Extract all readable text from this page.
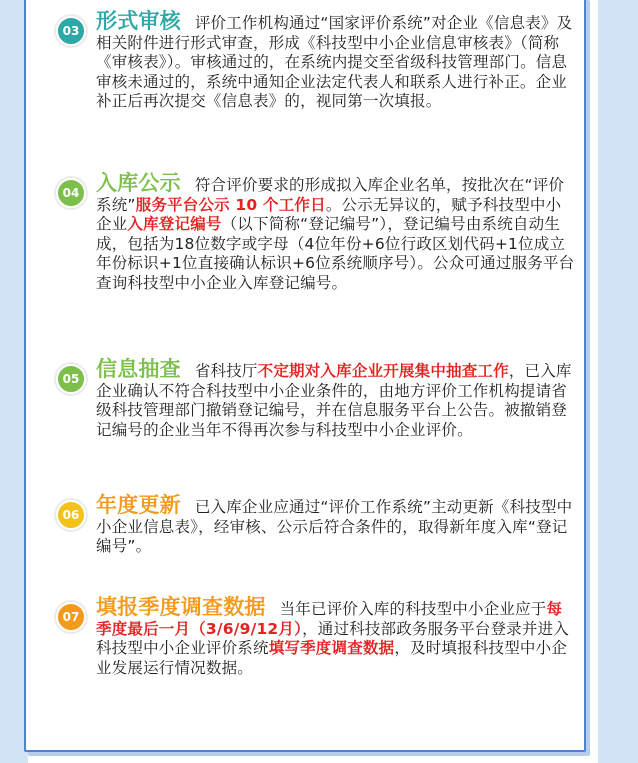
03 形式审核 评价工作机构通过“国家评价系统”对企业《信息表》及相关附件进行形式审查，形成《科技型中小企业信息审核表》（简称《审核表》）。审核通过的，在系统内提交至省级科技管理部门。信息审核未通过的，系统中通知企业法定代表人和联系人进行补正。企业补正后再次提交《信息表》的，视同第一次填报。
04 入库公示 符合评价要求的形成拟入库企业名单，按批次在“评价系统”服务平台公示 10 个工作日。公示无异议的，赋予科技型中小企业入库登记编号（以下简称“登记编号”），登记编号由系统自动生成，包括为18位数字或字母（4位年份+6位行政区划代码+1位成立年份标识+1位直接确认标识+6位系统顺序号）。公众可通过服务平台查询科技型中小企业入库登记编号。
05 信息抽查 省科技厅不定期对入库企业开展集中抽查工作，已入库企业确认不符合科技型中小企业条件的，由地方评价工作机构提请省级科技管理部门撤销登记编号，并在信息服务平台上公告。被撤销登记编号的企业当年不得再次参与科技型中小企业评价。
06 年度更新 已入库企业应通过“评价工作系统”主动更新《科技型中小企业信息表》，经审核、公示后符合条件的，取得新年度入库“登记编号”。
07 填报季度调查数据 当年已评价入库的科技型中小企业应于每季度最后一月（3/6/9/12月），通过科技部政务服务平台登录并进入科技型中小企业评价系统填写季度调查数据，及时填报科技型中小企业发展运行情况数据。
